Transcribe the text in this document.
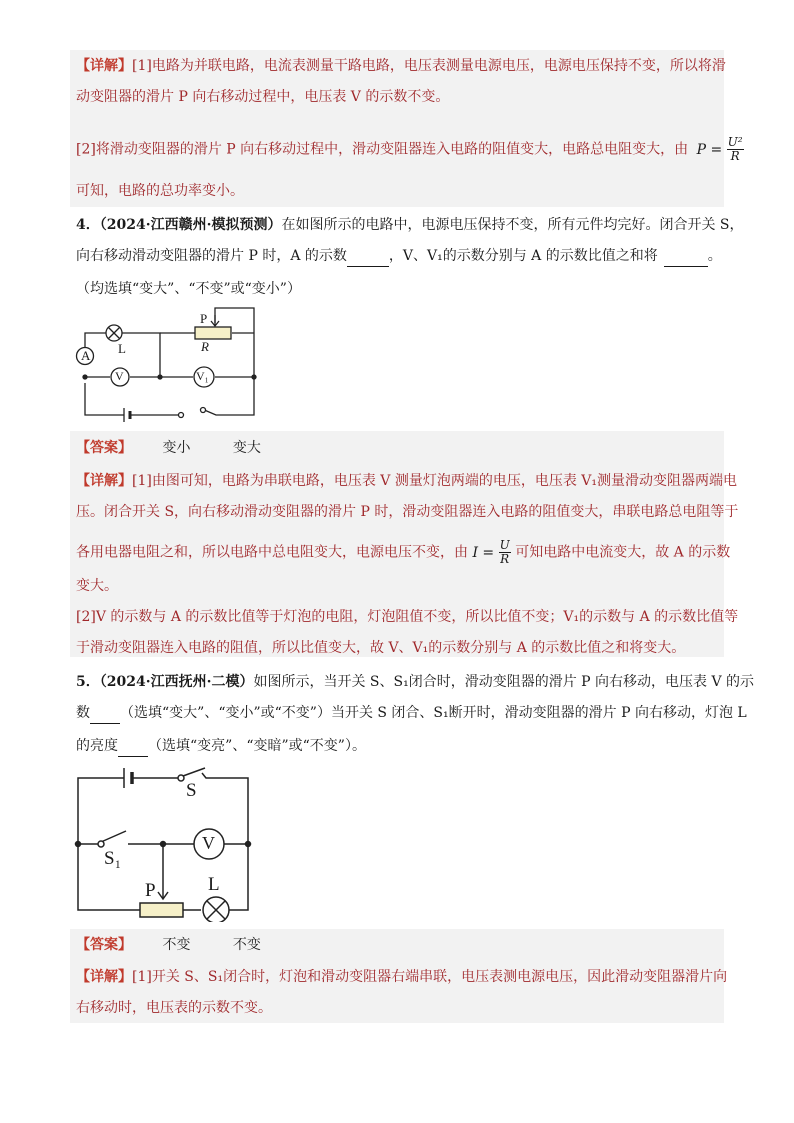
【详解】[1]电路为并联电路，电流表测量干路电路，电压表测量电源电压，电源电压保持不变，所以将滑
动变阻器的滑片 P 向右移动过程中，电压表 V 的示数不变。
[2]将滑动变阻器的滑片 P 向右移动过程中，滑动变阻器连入电路的阻值变大，电路总电阻变大，由 $P = \frac{\text{U²}}{R}$
可知，电路的总功率变小。
4．（2024·江西赣州·模拟预测）在如图所示的电路中，电源电压保持不变，所有元件均完好。闭合开关 S，
向右移动滑动变阻器的滑片 P 时，A 的示数	，V、V₁的示数分别与 A 的示数比值之和将	。
（均选填“变大”、“不变”或“变小”）
A L
V	V₁
P
R
【答案】 变小	变大
【详解】[1]由图可知，电路为串联电路，电压表 V 测量灯泡两端的电压，电压表 V₁测量滑动变阻器两端电
压。闭合开关 S，向右移动滑动变阻器的滑片 P 时，滑动变阻器连入电路的阻值变大，串联电路总电阻等于
各用电器电阻之和，所以电路中总电阻变大，电源电压不变，由 $I = \frac{U}{R}$ 可知电路中电流变大，故 A 的示数
变大。
[2]V 的示数与 A 的示数比值等于灯泡的电阻，灯泡阻值不变，所以比值不变；V₁的示数与 A 的示数比值等
于滑动变阻器连入电路的阻值，所以比值变大，故 V、V₁的示数分别与 A 的示数比值之和将变大。
5．（2024·江西抚州·二模）如图所示，当开关 S、S₁闭合时，滑动变阻器的滑片 P 向右移动，电压表 V 的示
数 （选填“变大”、“变小”或“不变”）当开关 S 闭合、S₁断开时，滑动变阻器的滑片 P 向右移动，灯泡 L
的亮度 （选填“变亮”、“变暗”或“不变”）。
S
S₁
V
P	L
【答案】 不变	不变
【详解】[1]开关 S、S₁闭合时，灯泡和滑动变阻器右端串联，电压表测电源电压，因此滑动变阻器滑片向
右移动时，电压表的示数不变。
